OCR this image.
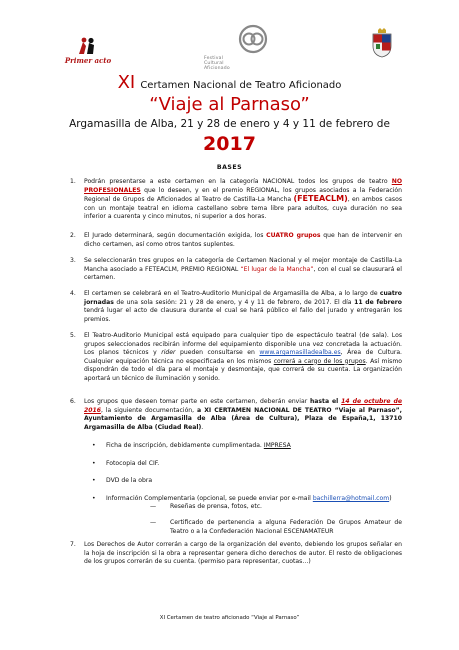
Primer acto	Festival
Cultural
Aficionado
XI Certamen Nacional de Teatro Aficionado
“Viaje al Parnaso”
Argamasilla de Alba, 21 y 28 de enero y 4 y 11 de febrero de
2017
BASES
1.	Podrán presentarse a este certamen en la categoría NACIONAL todos los grupos de teatro NO PROFESIONALES que lo deseen, y en el premio REGIONAL, los grupos asociados a la Federación Regional de Grupos de Aficionados al Teatro de Castilla-La Mancha (FETEACLM), en ambos casos con un montaje teatral en idioma castellano sobre tema libre para adultos, cuya duración no sea inferior a cuarenta y cinco minutos, ni superior a dos horas.
2.	El Jurado determinará, según documentación exigida, los CUATRO grupos que han de intervenir en dicho certamen, así como otros tantos suplentes.
3.	Se seleccionarán tres grupos en la categoría de Certamen Nacional y el mejor montaje de Castilla-La Mancha asociado a FETEACLM, PREMIO REGIONAL “El lugar de la Mancha”, con el cual se clausurará el certamen.
4.	El certamen se celebrará en el Teatro-Auditorio Municipal de Argamasilla de Alba, a lo largo de cuatro jornadas de una sola sesión: 21 y 28 de enero, y 4 y 11 de febrero, de 2017. El día 11 de febrero tendrá lugar el acto de clausura durante el cual se hará público el fallo del jurado y entregarán los premios.
5.	El Teatro-Auditorio Municipal está equipado para cualquier tipo de espectáculo teatral (de sala). Los grupos seleccionados recibirán informe del equipamiento disponible una vez concretada la actuación. Los planos técnicos y rider pueden consultarse en www.argamasilladealba.es, Área de Cultura. Cualquier equipación técnica no especificada en los mismos correrá a cargo de los grupos. Así mismo dispondrán de todo el día para el montaje y desmontaje, que correrá de su cuenta. La organización aportará un técnico de iluminación y sonido.
6.	Los grupos que deseen tomar parte en este certamen, deberán enviar hasta el 14 de octubre de 2016, la siguiente documentación, a XI CERTAMEN NACIONAL DE TEATRO “Viaje al Parnaso”, Ayuntamiento de Argamasilla de Alba (Área de Cultura), Plaza de España,1, 13710 Argamasilla de Alba (Ciudad Real).
7.	Los Derechos de Autor correrán a cargo de la organización del evento, debiendo los grupos señalar en la hoja de inscripción si la obra a representar genera dicho derechos de autor. El resto de obligaciones de los grupos correrán de su cuenta. (permiso para representar, cuotas…)
•	Ficha de inscripción, debidamente cumplimentada. IMPRESA
•	Fotocopia del CIF.
•	DVD de la obra
•	Información Complementaria (opcional, se puede enviar por e-mail bachillerra@hotmail.com)
—	Reseñas de prensa, fotos, etc.
—	Certificado de pertenencia a alguna Federación De Grupos Amateur de Teatro o a la Confederación Nacional ESCENAMATEUR
XI Certamen de teatro aficionado “Viaje al Parnaso”
